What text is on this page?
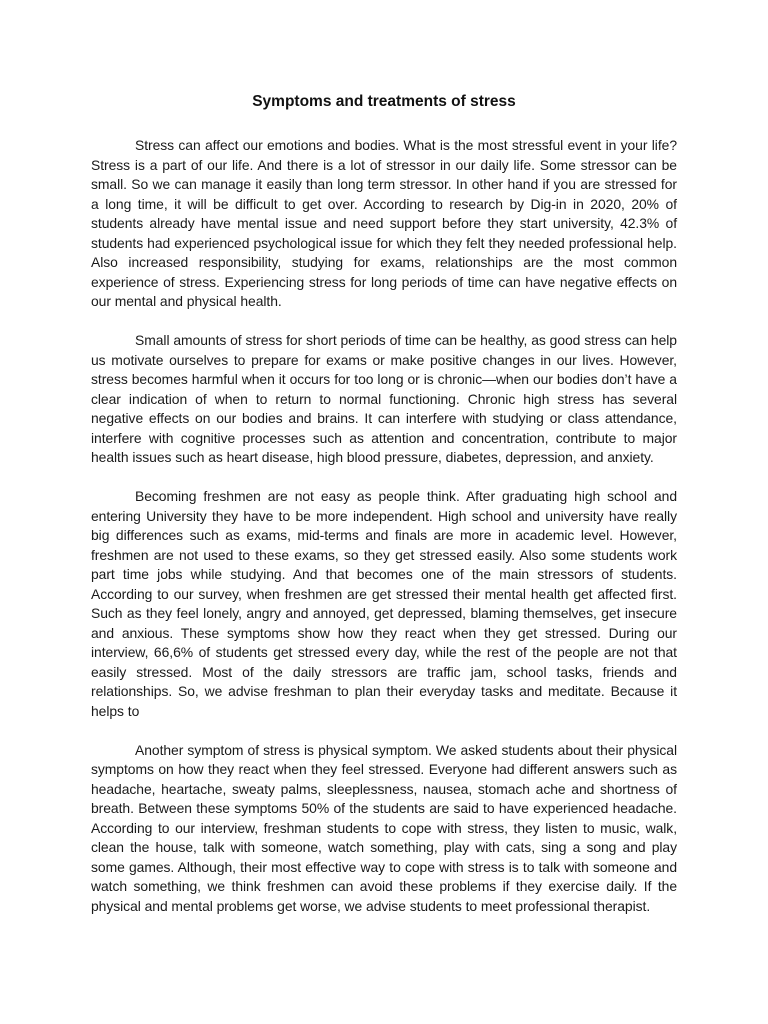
Symptoms and treatments of stress

Stress can affect our emotions and bodies. What is the most stressful event in your life? Stress is a part of our life. And there is a lot of stressor in our daily life. Some stressor can be small. So we can manage it easily than long term stressor. In other hand if you are stressed for a long time, it will be difficult to get over. According to research by Dig-in in 2020, 20% of students already have mental issue and need support before they start university, 42.3% of students had experienced psychological issue for which they felt they needed professional help. Also increased responsibility, studying for exams, relationships are the most common experience of stress. Experiencing stress for long periods of time can have negative effects on our mental and physical health.

Small amounts of stress for short periods of time can be healthy, as good stress can help us motivate ourselves to prepare for exams or make positive changes in our lives. However, stress becomes harmful when it occurs for too long or is chronic—when our bodies don’t have a clear indication of when to return to normal functioning. Chronic high stress has several negative effects on our bodies and brains. It can interfere with studying or class attendance, interfere with cognitive processes such as attention and concentration, contribute to major health issues such as heart disease, high blood pressure, diabetes, depression, and anxiety.

Becoming freshmen are not easy as people think. After graduating high school and entering University they have to be more independent. High school and university have really big differences such as exams, mid-terms and finals are more in academic level. However, freshmen are not used to these exams, so they get stressed easily. Also some students work part time jobs while studying. And that becomes one of the main stressors of students. According to our survey, when freshmen are get stressed their mental health get affected first. Such as they feel lonely, angry and annoyed, get depressed, blaming themselves, get insecure and anxious. These symptoms show how they react when they get stressed. During our interview, 66,6% of students get stressed every day, while the rest of the people are not that easily stressed. Most of the daily stressors are traffic jam, school tasks, friends and relationships. So, we advise freshman to plan their everyday tasks and meditate. Because it helps to

Another symptom of stress is physical symptom. We asked students about their physical symptoms on how they react when they feel stressed. Everyone had different answers such as headache, heartache, sweaty palms, sleeplessness, nausea, stomach ache and shortness of breath. Between these symptoms 50% of the students are said to have experienced headache. According to our interview, freshman students to cope with stress, they listen to music, walk, clean the house, talk with someone, watch something, play with cats, sing a song and play some games. Although, their most effective way to cope with stress is to talk with someone and watch something, we think freshmen can avoid these problems if they exercise daily. If the physical and mental problems get worse, we advise students to meet professional therapist.
